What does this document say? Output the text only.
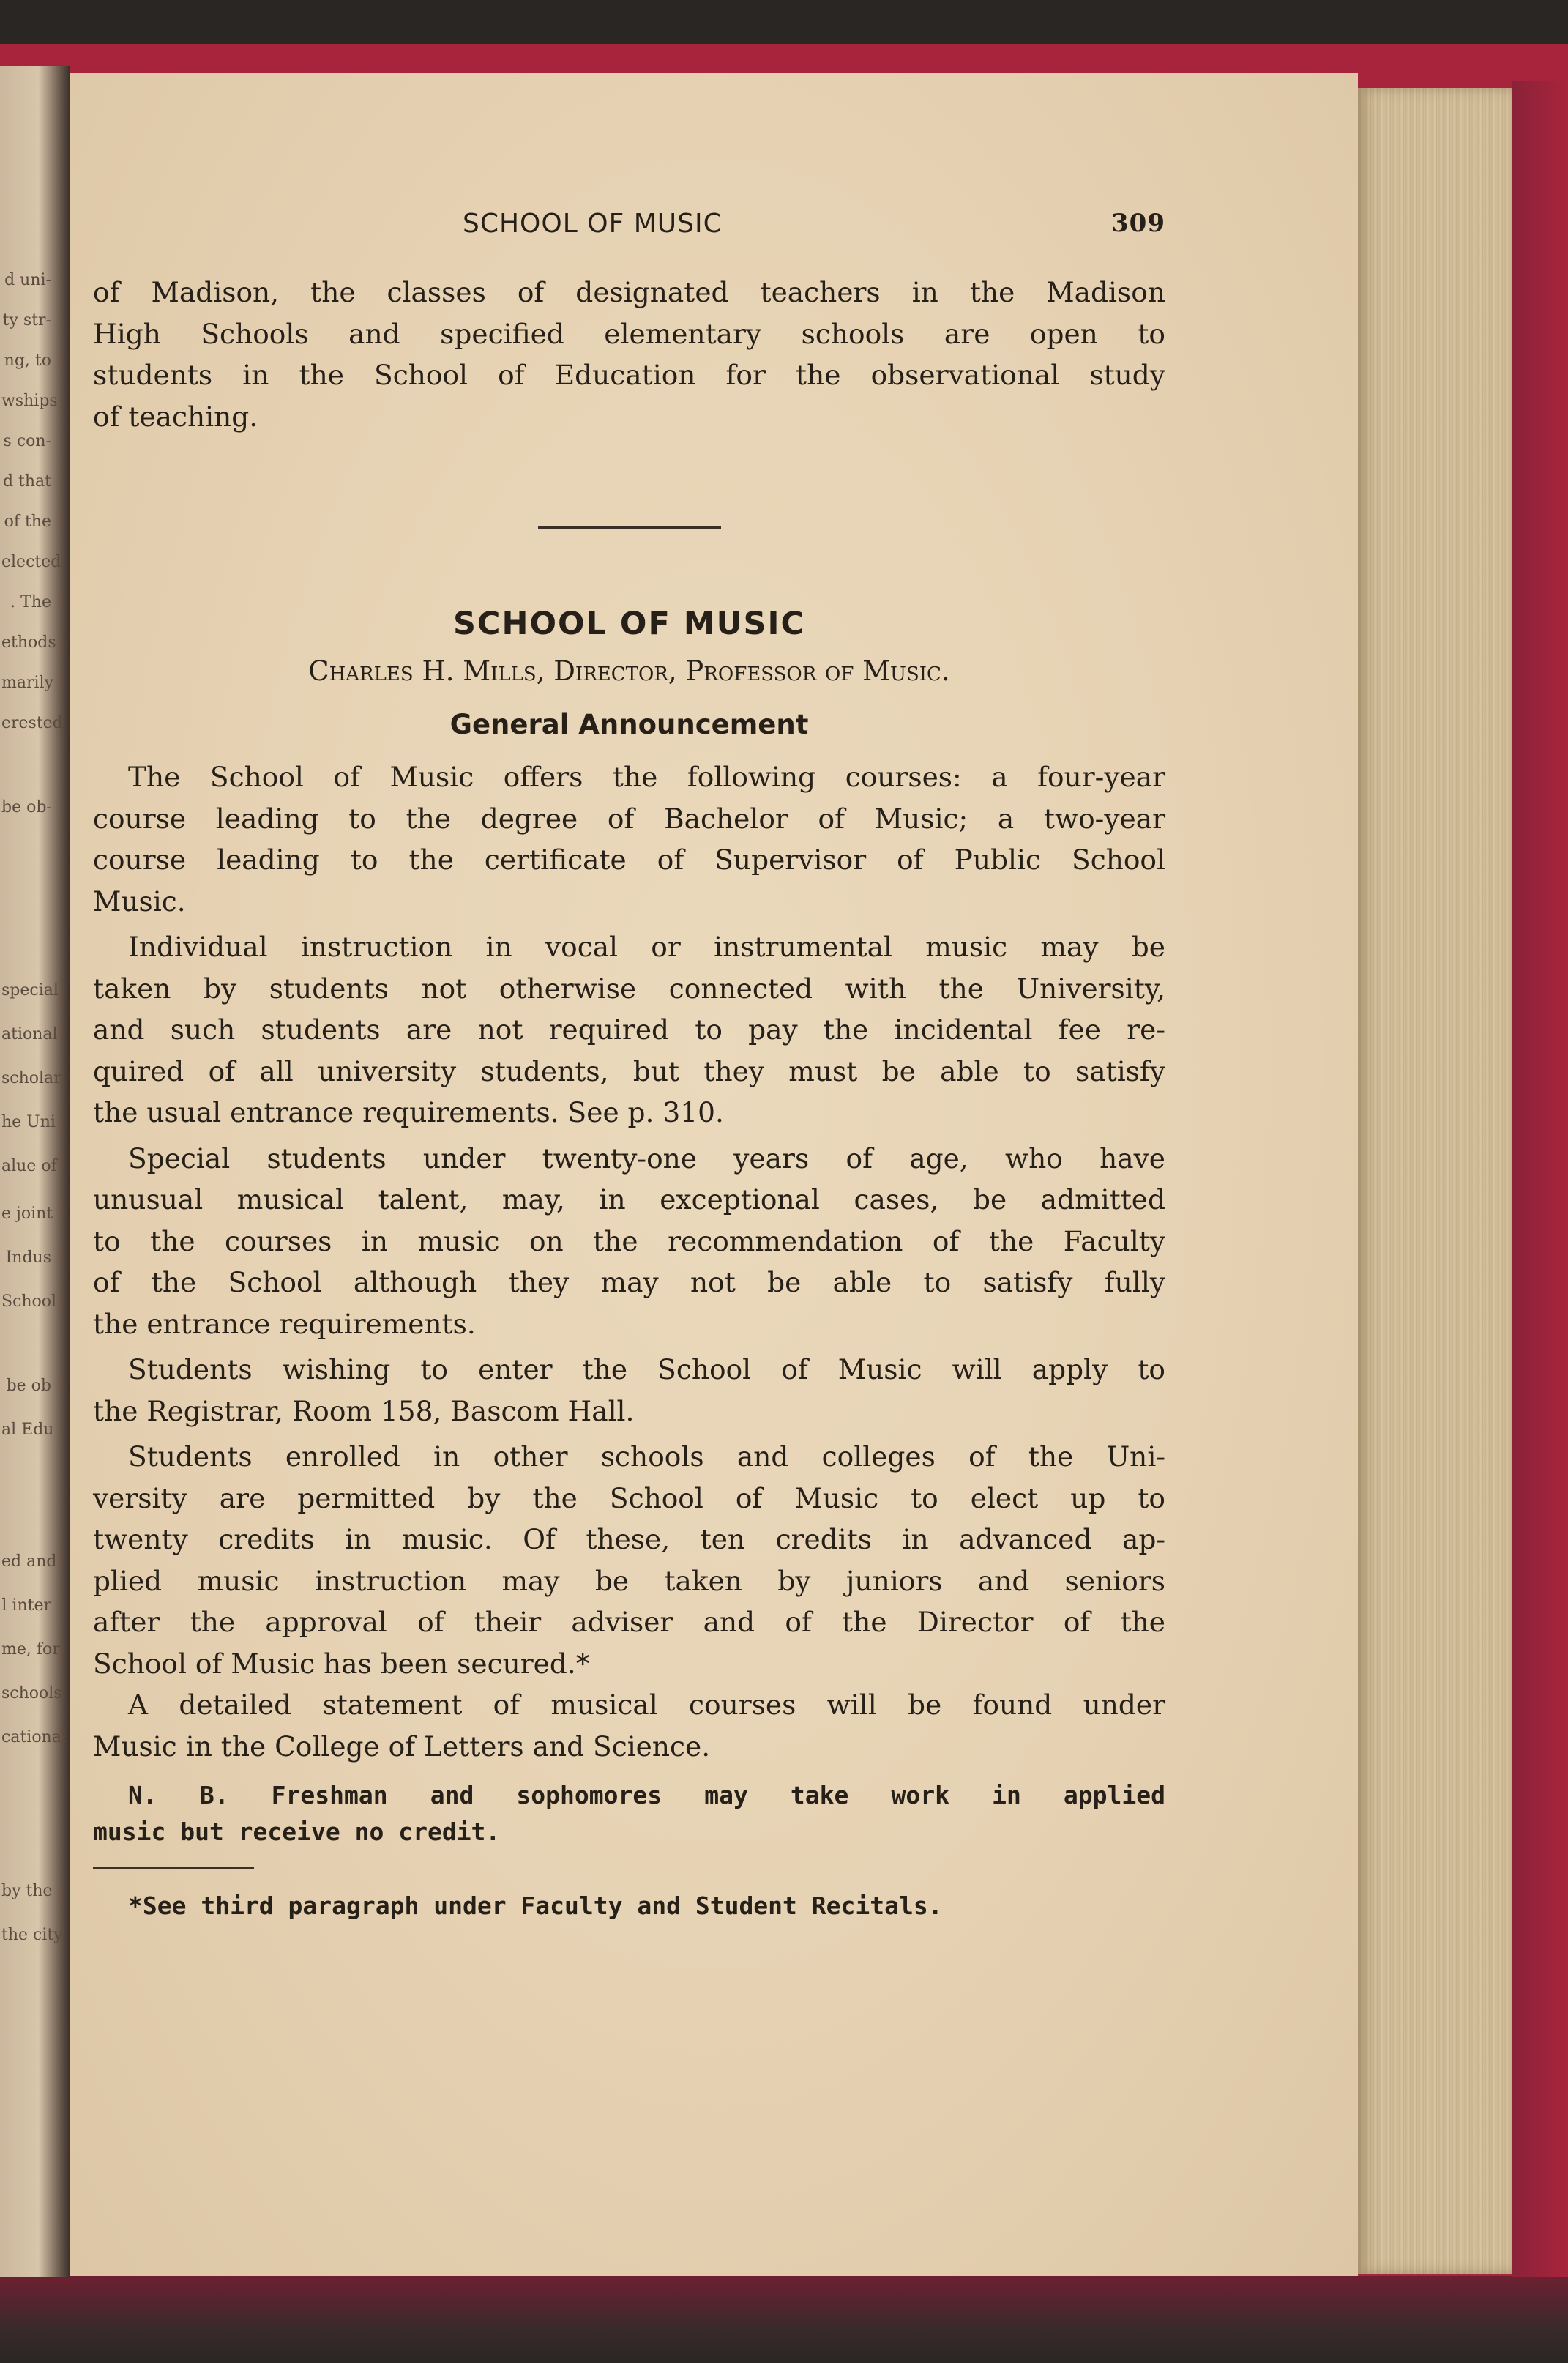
d uni-
ty str-
ng, to
wships
s con-
d that
of the
elected
. The
ethods
marily
erested
be ob-
special
ational
scholar
he Uni
alue of
e joint
Indus
School
be ob
al Edu
ed and
l inter
me, for
schools
cational
by the
the city
SCHOOL OF MUSIC	309

of Madison, the classes of designated teachers in the Madison
High Schools and specified elementary schools are open to
students in the School of Education for the observational study
of teaching.

SCHOOL OF MUSIC
Charles H. Mills, Director, Professor of Music.
General Announcement

The School of Music offers the following courses: a four-year
course leading to the degree of Bachelor of Music; a two-year
course leading to the certificate of Supervisor of Public School
Music.

Individual instruction in vocal or instrumental music may be
taken by students not otherwise connected with the University,
and such students are not required to pay the incidental fee re-
quired of all university students, but they must be able to satisfy
the usual entrance requirements. See p. 310.

Special students under twenty-one years of age, who have
unusual musical talent, may, in exceptional cases, be admitted
to the courses in music on the recommendation of the Faculty
of the School although they may not be able to satisfy fully
the entrance requirements.

Students wishing to enter the School of Music will apply to
the Registrar, Room 158, Bascom Hall.

Students enrolled in other schools and colleges of the Uni-
versity are permitted by the School of Music to elect up to
twenty credits in music. Of these, ten credits in advanced ap-
plied music instruction may be taken by juniors and seniors
after the approval of their adviser and of the Director of the
School of Music has been secured.*

A detailed statement of musical courses will be found under
Music in the College of Letters and Science.

N. B. Freshman and sophomores may take work in applied
music but receive no credit.

*See third paragraph under Faculty and Student Recitals.
